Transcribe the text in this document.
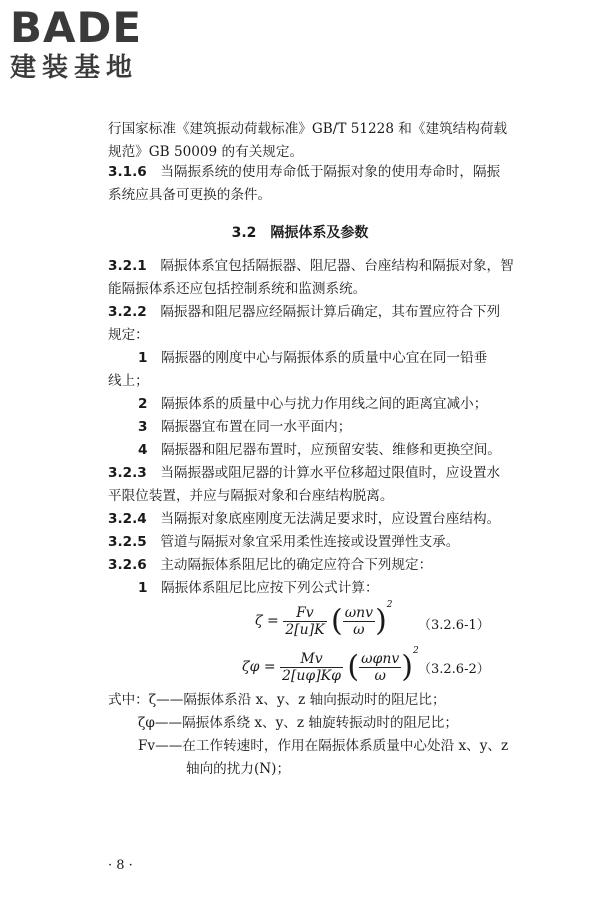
BADE
建装基地
行国家标准《建筑振动荷载标准》GB/T 51228 和《建筑结构荷载
规范》GB 50009 的有关规定。
3.1.6　 当隔振系统的使用寿命低于隔振对象的使用寿命时，隔振
系统应具备可更换的条件。
3.2　隔振体系及参数
3.2.1　 隔振体系宜包括隔振器、阻尼器、台座结构和隔振对象，智
能隔振体系还应包括控制系统和监测系统。
3.2.2　 隔振器和阻尼器应经隔振计算后确定，其布置应符合下列
规定：
1　 隔振器的刚度中心与隔振体系的质量中心宜在同一铅垂
线上；
2　 隔振体系的质量中心与扰力作用线之间的距离宜减小；
3　 隔振器宜布置在同一水平面内；
4　 隔振器和阻尼器布置时，应预留安装、维修和更换空间。
3.2.3　 当隔振器或阻尼器的计算水平位移超过限值时，应设置水
平限位装置，并应与隔振对象和台座结构脱离。
3.2.4　 当隔振对象底座刚度无法满足要求时，应设置台座结构。
3.2.5　 管道与隔振对象宜采用柔性连接或设置弹性支承。
3.2.6　 主动隔振体系阻尼比的确定应符合下列规定：
1　 隔振体系阻尼比应按下列公式计算：
$\zeta = \frac{Fv}{2[u]K}$ ( $\frac{\text{ωnv}}{\omega} )^2$
（3.2.6-1）
$\zeta\varphi = \frac{Mv}{2[u\varphi]K\varphi}$ ( $\frac{\text{ωφnv}}{\omega} )^2$
（3.2.6-2）
式中：ζ——隔振体系沿 x、y、z 轴向振动时的阻尼比；
ζφ——隔振体系绕 x、y、z 轴旋转振动时的阻尼比；
Fv——在工作转速时，作用在隔振体系质量中心处沿 x、y、z
轴向的扰力(N)；
· 8 ·
